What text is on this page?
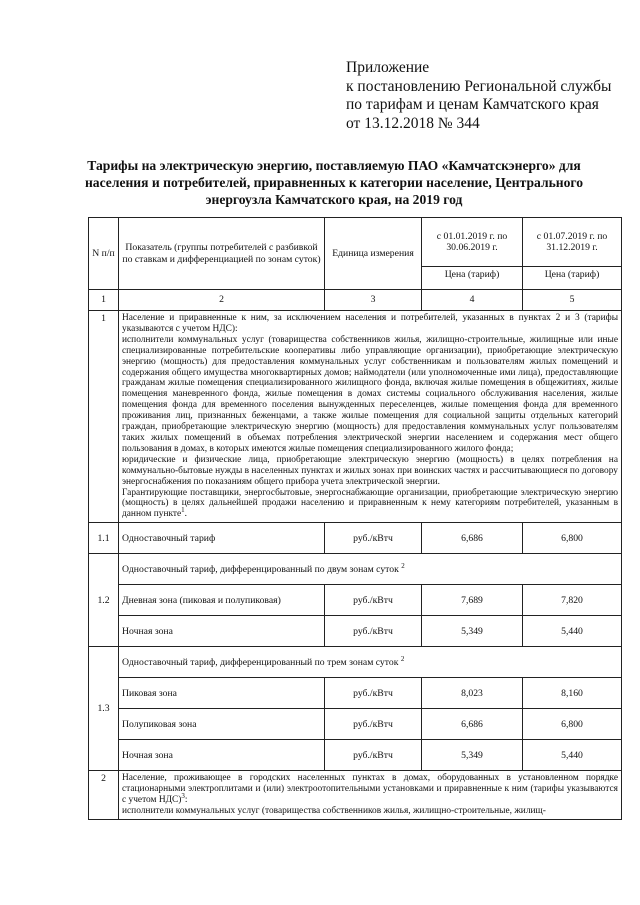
Приложение
к постановлению Региональной службы
по тарифам и ценам Камчатского края
от 13.12.2018 № 344
Тарифы на электрическую энергию, поставляемую ПАО «Камчатскэнерго» для
населения и потребителей, приравненных к категории население, Центрального
энергоузла Камчатского края, на 2019 год
N п/п	Показатель (группы потребителей с разбивкой по ставкам и дифференциацией по зонам суток)	Единица измерения	с 01.01.2019 г. по 30.06.2019 г.	с 01.07.2019 г. по 31.12.2019 г.
			Цена (тариф)	Цена (тариф)
1	2	3	4	5
1	Население и приравненные к ним, за исключением населения и потребителей, указанных в пунктах 2 и 3 (тарифы указываются с учетом НДС):
исполнители коммунальных услуг (товарищества собственников жилья, жилищно-строительные, жилищные или иные специализированные потребительские кооперативы либо управляющие организации), приобретающие электрическую энергию (мощность) для предоставления коммунальных услуг собственникам и пользователям жилых помещений и содержания общего имущества многоквартирных домов; наймодатели (или уполномоченные ими лица), предоставляющие гражданам жилые помещения специализированного жилищного фонда, включая жилые помещения в общежитиях, жилые помещения маневренного фонда, жилые помещения в домах системы социального обслуживания населения, жилые помещения фонда для временного поселения вынужденных переселенцев, жилые помещения фонда для временного проживания лиц, признанных беженцами, а также жилые помещения для социальной защиты отдельных категорий граждан, приобретающие электрическую энергию (мощность) для предоставления коммунальных услуг пользователям таких жилых помещений в объемах потребления электрической энергии населением и содержания мест общего пользования в домах, в которых имеются жилые помещения специализированного жилого фонда;
юридические и физические лица, приобретающие электрическую энергию (мощность) в целях потребления на коммунально-бытовые нужды в населенных пунктах и жилых зонах при воинских частях и рассчитывающиеся по договору энергоснабжения по показаниям общего прибора учета электрической энергии.
Гарантирующие поставщики, энергосбытовые, энергоснабжающие организации, приобретающие электрическую энергию (мощность) в целях дальнейшей продажи населению и приравненным к нему категориям потребителей, указанным в данном пункте$^1$.			
1.1	Одноставочный тариф	руб./кВтч	6,686	6,800
1.2	Одноставочный тариф, дифференцированный по двум зонам суток $^2$
	Дневная зона (пиковая и полупиковая)	руб./кВтч	7,689	7,820
	Ночная зона	руб./кВтч	5,349	5,440
1.3	Одноставочный тариф, дифференцированный по трем зонам суток $^2$
	Пиковая зона	руб./кВтч	8,023	8,160
	Полупиковая зона	руб./кВтч	6,686	6,800
	Ночная зона	руб./кВтч	5,349	5,440
2	Население, проживающее в городских населенных пунктах в домах, оборудованных в установленном порядке стационарными электроплитами и (или) электроотопительными установками и приравненные к ним (тарифы указываются с учетом НДС)$^3$:
исполнители коммунальных услуг (товарищества собственников жилья, жилищно-строительные, жилищ-			
